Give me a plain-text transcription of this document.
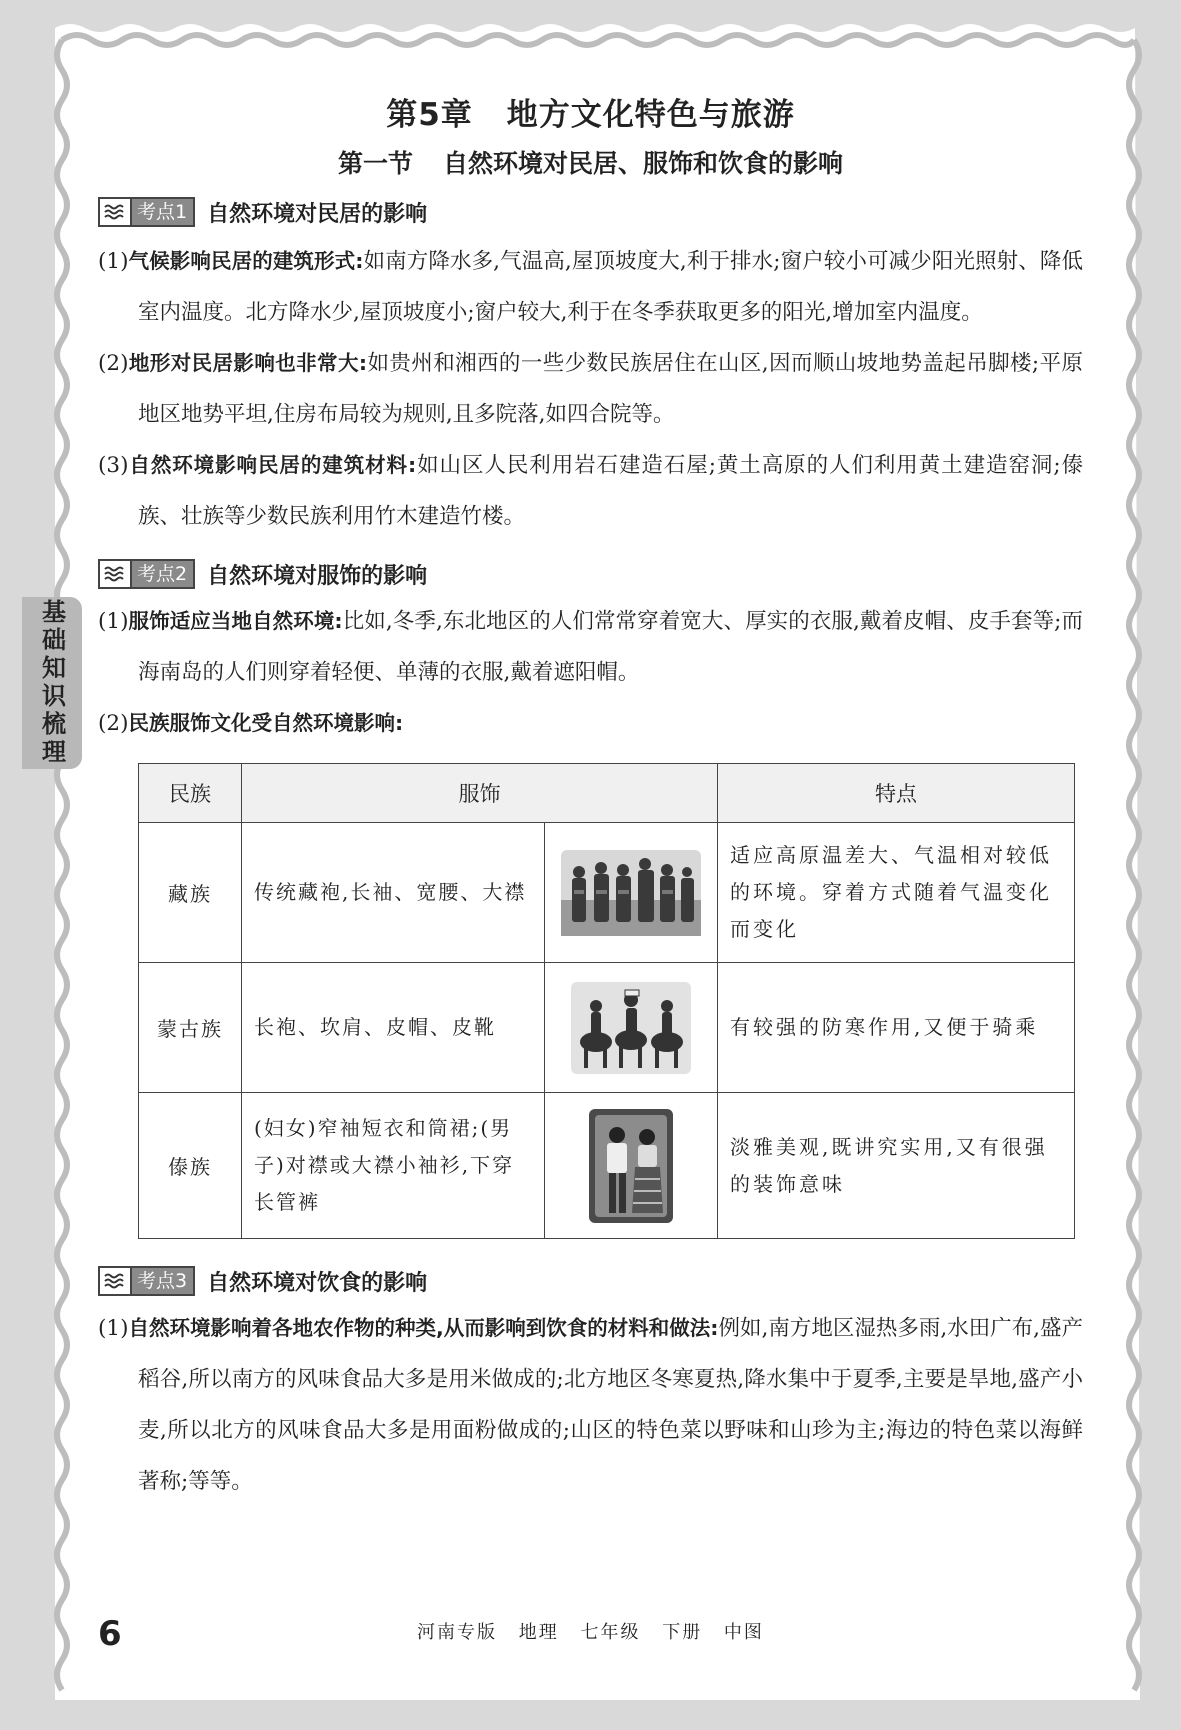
基础知识梳理
第5章 地方文化特色与旅游
第一节 自然环境对民居、服饰和饮食的影响
考点1 自然环境对民居的影响

(1)气候影响民居的建筑形式:如南方降水多,气温高,屋顶坡度大,利于排水;窗户较小可减少阳光照射、降低室内温度。北方降水少,屋顶坡度小;窗户较大,利于在冬季获取更多的阳光,增加室内温度。

(2)地形对民居影响也非常大:如贵州和湘西的一些少数民族居住在山区,因而顺山坡地势盖起吊脚楼;平原地区地势平坦,住房布局较为规则,且多院落,如四合院等。

(3)自然环境影响民居的建筑材料:如山区人民利用岩石建造石屋;黄土高原的人们利用黄土建造窑洞;傣族、壮族等少数民族利用竹木建造竹楼。

考点2 自然环境对服饰的影响

(1)服饰适应当地自然环境:比如,冬季,东北地区的人们常常穿着宽大、厚实的衣服,戴着皮帽、皮手套等;而海南岛的人们则穿着轻便、单薄的衣服,戴着遮阳帽。

(2)民族服饰文化受自然环境影响:

民族	服饰		特点
藏族	传统藏袍,长袖、宽腰、大襟		适应高原温差大、气温相对较低的环境。穿着方式随着气温变化而变化
蒙古族	长袍、坎肩、皮帽、皮靴		有较强的防寒作用,又便于骑乘
傣族	(妇女)窄袖短衣和筒裙;(男子)对襟或大襟小袖衫,下穿长管裤		淡雅美观,既讲究实用,又有很强的装饰意味
考点3 自然环境对饮食的影响

(1)自然环境影响着各地农作物的种类,从而影响到饮食的材料和做法:例如,南方地区湿热多雨,水田广布,盛产稻谷,所以南方的风味食品大多是用米做成的;北方地区冬寒夏热,降水集中于夏季,主要是旱地,盛产小麦,所以北方的风味食品大多是用面粉做成的;山区的特色菜以野味和山珍为主;海边的特色菜以海鲜著称;等等。

6	河南专版 地理 七年级 下册 中图
